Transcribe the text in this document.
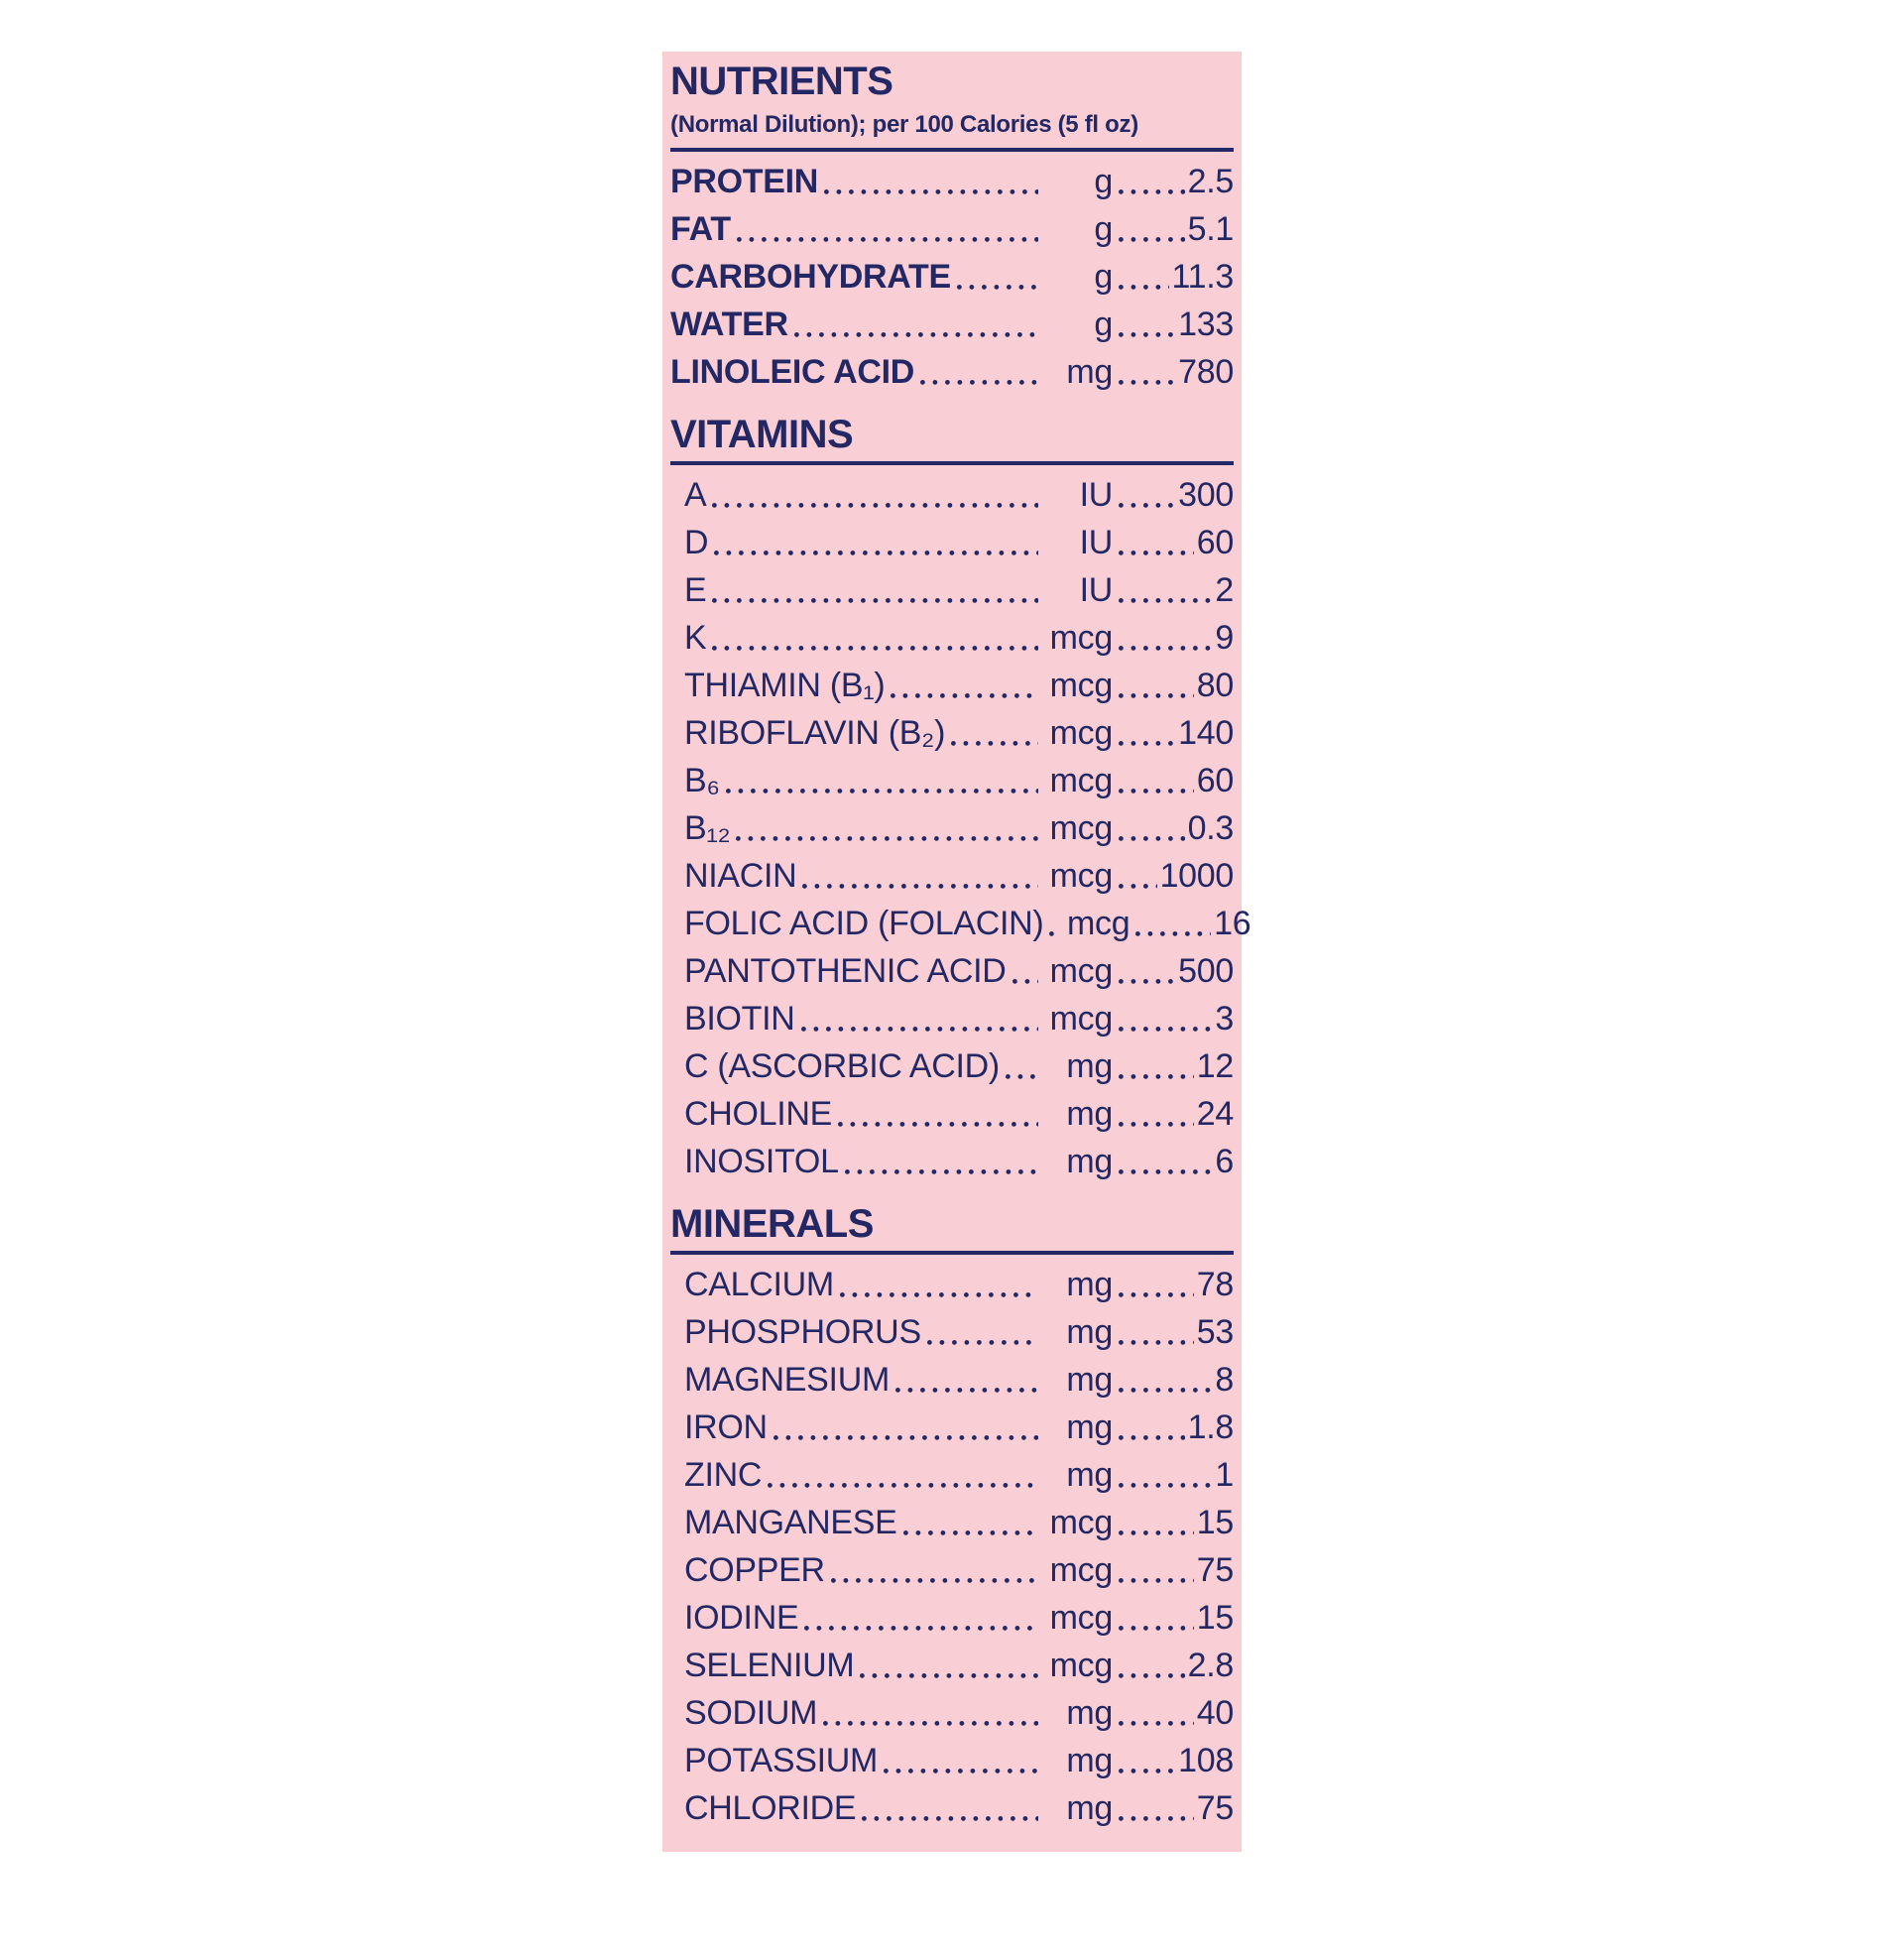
NUTRIENTS

(Normal Dilution); per 100 Calories (5 fl oz)

PROTEIN	g 2.5
FAT	g 5.1
CARBOHYDRATE	g 11.3
WATER	g 133
LINOLEIC ACID	mg 780
VITAMINS
A	IU 300
D	IU 60
E	IU	2
K	mcg	9
THIAMIN (B₁)	mcg 80
RIBOFLAVIN (B₂)	mcg 140
B₆	mcg 60
B₁₂	mcg 0.3
NIACIN	mcg 1000
FOLIC ACID (FOLACIN) mcg 16
PANTOTHENIC ACID mcg 500
BIOTIN	mcg	3
C (ASCORBIC ACID)	mg 12
CHOLINE	mg 24
INOSITOL	mg	6
MINERALS
CALCIUM	mg 78
PHOSPHORUS	mg 53
MAGNESIUM	mg	8
IRON	mg 1.8
ZINC	mg	1
MANGANESE	mcg 15
COPPER	mcg 75
IODINE	mcg 15
SELENIUM	mcg 2.8
SODIUM	mg 40
POTASSIUM	mg 108
CHLORIDE	mg 75
